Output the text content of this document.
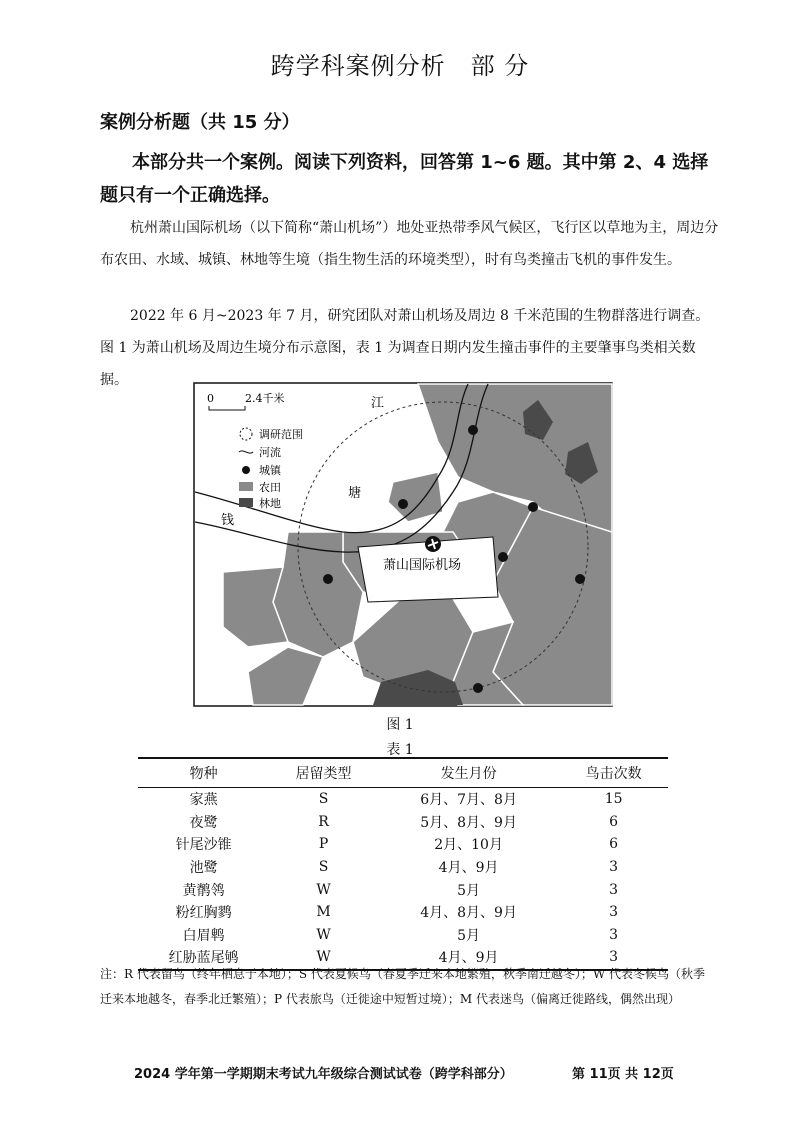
跨学科案例分析　部 分
案例分析题（共 15 分）
本部分共一个案例。阅读下列资料，回答第 1~6 题。其中第 2、4 选择题只有一个正确选择。
杭州萧山国际机场（以下简称“萧山机场”）地处亚热带季风气候区，飞行区以草地为主，周边分布农田、水域、城镇、林地等生境（指生物生活的环境类型），时有鸟类撞击飞机的事件发生。
2022 年 6 月~2023 年 7 月，研究团队对萧山机场及周边 8 千米范围的生物群落进行调查。图 1 为萧山机场及周边生境分布示意图，表 1 为调查日期内发生撞击事件的主要肇事鸟类相关数据。
萧山国际机场
江
塘
钱
0	2.4千米
调研范围
河流
城镇
农田
林地
图 1
表 1
物种	居留类型	发生月份	鸟击次数
家燕	S	6月、7月、8月	15
夜鹭	R	5月、8月、9月	6
针尾沙锥	P	2月、10月	6
池鹭	S	4月、9月	3
黄鹡鸰	W	5月	3
粉红胸鹨	M	4月、8月、9月	3
白眉鹎	W	5月	3
红胁蓝尾鸲	W	4月、9月	3
注：R 代表留鸟（终年栖息于本地）；S 代表夏候鸟（春夏季迁来本地繁殖，秋季南迁越冬）；W 代表冬候鸟（秋季迁来本地越冬，春季北迁繁殖）；P 代表旅鸟（迁徙途中短暂过境）；M 代表迷鸟（偏离迁徙路线，偶然出现）
2024 学年第一学期期末考试九年级综合测试试卷（跨学科部分）	第 11页 共 12页
